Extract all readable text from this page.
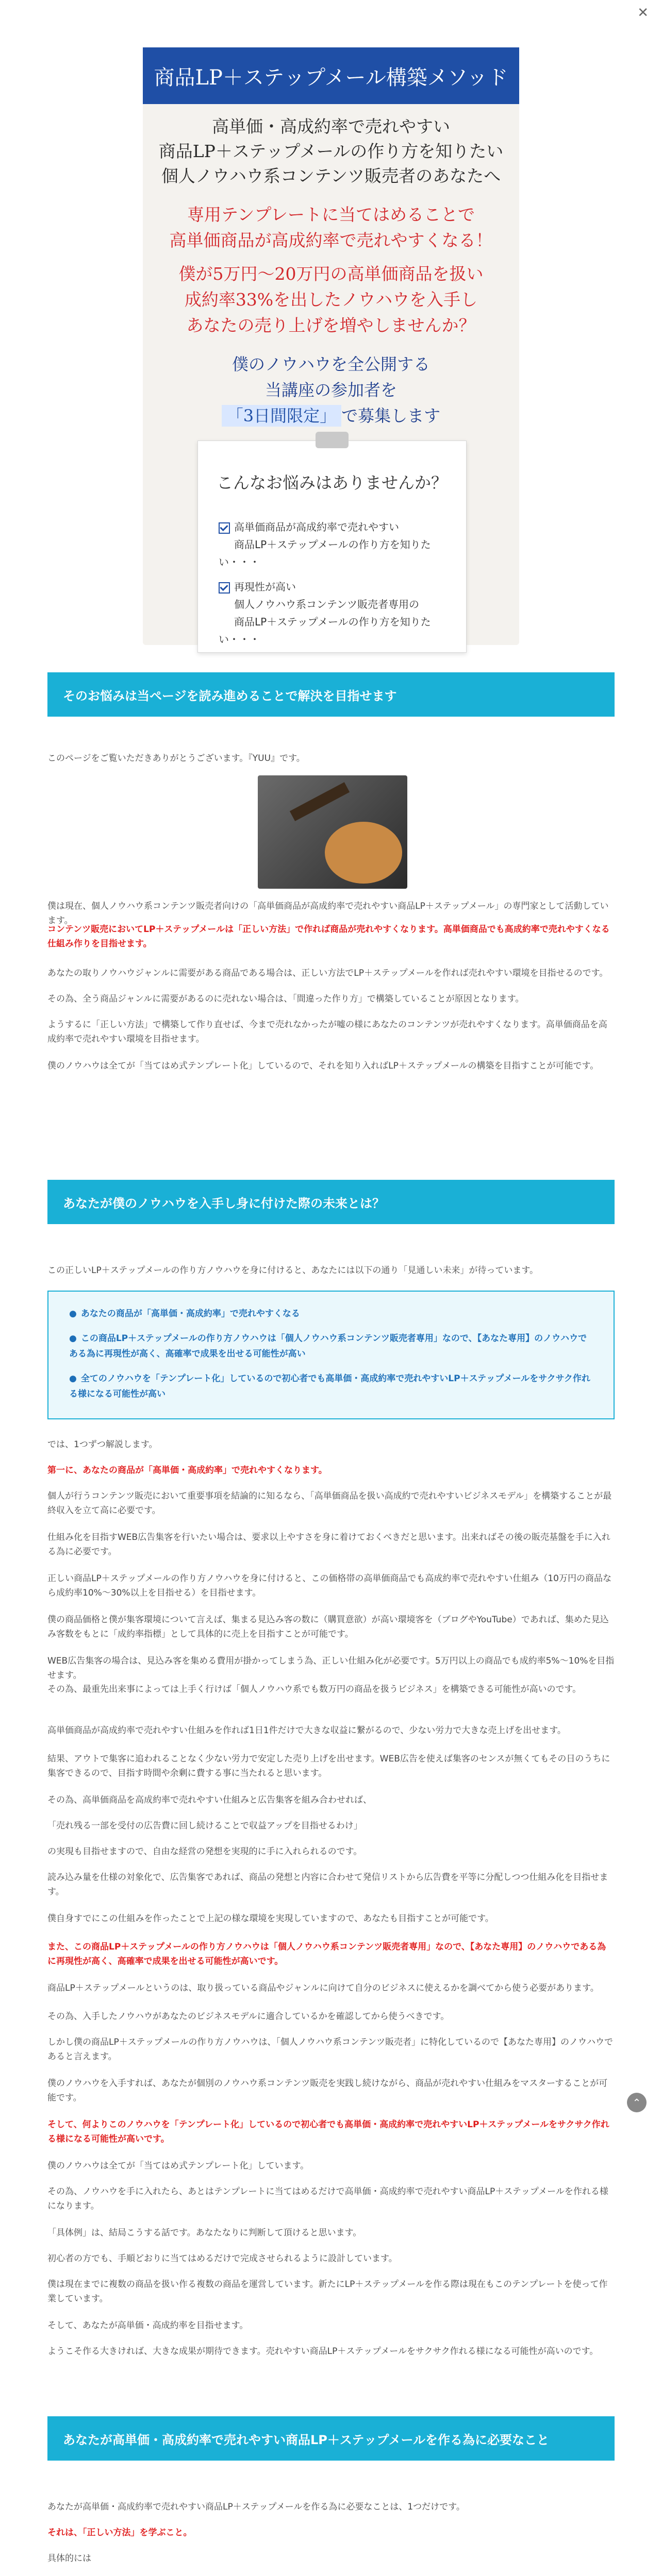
✕
商品LP＋ステップメール構築メソッド
高単価・高成約率で売れやすい
商品LP＋ステップメールの作り方を知りたい
個人ノウハウ系コンテンツ販売者のあなたへ
専用テンプレートに当てはめることで
高単価商品が高成約率で売れやすくなる！
僕が5万円〜20万円の高単価商品を扱い
成約率33%を出したノウハウを入手し
あなたの売り上げを増やしませんか？
僕のノウハウを全公開する
当講座の参加者を
「3日間限定」 で募集します
こんなお悩みはありませんか？
高単価商品が高成約率で売れやすい
商品LP＋ステップメールの作り方を知りたい・・・
再現性が高い
個人ノウハウ系コンテンツ販売者専用の
商品LP＋ステップメールの作り方を知りたい・・・
そのお悩みは当ページを読み進めることで解決を目指せます
このページをご覧いただきありがとうございます。『YUU』です。
僕は現在、個人ノウハウ系コンテンツ販売者向けの「高単価商品が高成約率で売れやすい商品LP＋ステップメール」の専門家として活動しています。
コンテンツ販売においてLP＋ステップメールは「正しい方法」で作れば商品が売れやすくなります。高単価商品でも高成約率で売れやすくなる仕組み作りを目指せます。
あなたの取りノウハウジャンルに需要がある商品である場合は、正しい方法でLP＋ステップメールを作れば売れやすい環境を目指せるのです。
その為、全う商品ジャンルに需要があるのに売れない場合は、「間違った作り方」で構築していることが原因となります。
ようするに「正しい方法」で構築して作り直せば、今まで売れなかったが嘘の様にあなたのコンテンツが売れやすくなります。高単価商品を高成約率で売れやすい環境を目指せます。
僕のノウハウは全てが「当てはめ式テンプレート化」しているので、それを知り入ればLP＋ステップメールの構築を目指すことが可能です。
あなたが僕のノウハウを入手し身に付けた際の未来とは？
この正しいLP＋ステップメールの作り方ノウハウを身に付けると、あなたには以下の通り「見通しい未来」が待っています。
● あなたの商品が「高単価・高成約率」で売れやすくなる
● この商品LP＋ステップメールの作り方ノウハウは「個人ノウハウ系コンテンツ販売者専用」なので、【あなた専用】のノウハウである為に再現性が高く、高確率で成果を出せる可能性が高い
● 全てのノウハウを「テンプレート化」しているので初心者でも高単価・高成約率で売れやすいLP＋ステップメールをサクサク作れる様になる可能性が高い
では、1つずつ解説します。
第一に、あなたの商品が「高単価・高成約率」で売れやすくなります。
個人が行うコンテンツ販売において重要事項を結論的に知るなら、「高単価商品を扱い高成約で売れやすいビジネスモデル」を構築することが最終収入を立て高に必要です。
仕組み化を目指すWEB広告集客を行いたい場合は、要求以上やすさを身に着けておくべきだと思います。出来ればその後の販売基盤を手に入れる為に必要です。
正しい商品LP＋ステップメールの作り方ノウハウを身に付けると、この価格帯の高単価商品でも高成約率で売れやすい仕組み（10万円の商品なら成約率10%〜30%以上を目指せる）を目指せます。
僕の商品価格と僕が集客環境について言えば、集まる見込み客の数に（購買意欲）が高い環境客を（ブログやYouTube）であれば、集めた見込み客数をもとに「成約率指標」として具体的に売上を目指すことが可能です。
WEB広告集客の場合は、見込み客を集める費用が掛かってしまう為、正しい仕組み化が必要です。5万円以上の商品でも成約率5%〜10%を目指せます。
その為、最重先出来事によっては上手く行けば「個人ノウハウ系でも数万円の商品を扱うビジネス」を構築できる可能性が高いのです。
高単価商品が高成約率で売れやすい仕組みを作れば1日1件だけで大きな収益に繋がるので、少ない労力で大きな売上げを出せます。
結果、アウトで集客に追われることなく少ない労力で安定した売り上げを出せます。WEB広告を使えば集客のセンスが無くてもその日のうちに集客できるので、目指す時間や余剰に費する事に当たれると思います。
その為、高単価商品を高成約率で売れやすい仕組みと広告集客を組み合わせれば、
「売れ残る一部を受付の広告費に回し続けることで収益アップを目指せるわけ」
の実現も目指せますので、自由な経営の発想を実現的に手に入れられるのです。
読み込み量を仕様の対象化で、広告集客であれば、商品の発想と内容に合わせて発信リストから広告費を平等に分配しつつ仕組み化を目指せます。
僕自身すでにこの仕組みを作ったことで上記の様な環境を実現していますので、あなたも目指すことが可能です。
また、この商品LP＋ステップメールの作り方ノウハウは「個人ノウハウ系コンテンツ販売者専用」なので、【あなた専用】のノウハウである為に再現性が高く、高確率で成果を出せる可能性が高いです。
商品LP＋ステップメールというのは、取り扱っている商品やジャンルに向けて自分のビジネスに使えるかを調べてから使う必要があります。
その為、入手したノウハウがあなたのビジネスモデルに適合しているかを確認してから使うべきです。
しかし僕の商品LP＋ステップメールの作り方ノウハウは、「個人ノウハウ系コンテンツ販売者」に特化しているので【あなた専用】のノウハウであると言えます。
僕のノウハウを入手すれば、あなたが個別のノウハウ系コンテンツ販売を実践し続けながら、商品が売れやすい仕組みをマスターすることが可能です。
そして、何よりこのノウハウを「テンプレート化」しているので初心者でも高単価・高成約率で売れやすいLP＋ステップメールをサクサク作れる様になる可能性が高いです。
僕のノウハウは全てが「当てはめ式テンプレート化」しています。
その為、ノウハウを手に入れたら、あとはテンプレートに当てはめるだけで高単価・高成約率で売れやすい商品LP＋ステップメールを作れる様になります。
「具体例」は、結局こうする話です。あなたなりに判断して頂けると思います。
初心者の方でも、手順どおりに当てはめるだけで完成させられるように設計しています。
僕は現在までに複数の商品を扱い作る複数の商品を運営しています。新たにLP＋ステップメールを作る際は現在もこのテンプレートを使って作業しています。
そして、あなたが高単価・高成約率を目指せます。
ようこそ作る大きければ、大きな成果が期待できます。売れやすい商品LP＋ステップメールをサクサク作れる様になる可能性が高いのです。
あなたが高単価・高成約率で売れやすい商品LP＋ステップメールを作る為に必要なこと
あなたが高単価・高成約率で売れやすい商品LP＋ステップメールを作る為に必要なことは、1つだけです。
それは、「正しい方法」を学ぶこと。
具体的には
⌃
